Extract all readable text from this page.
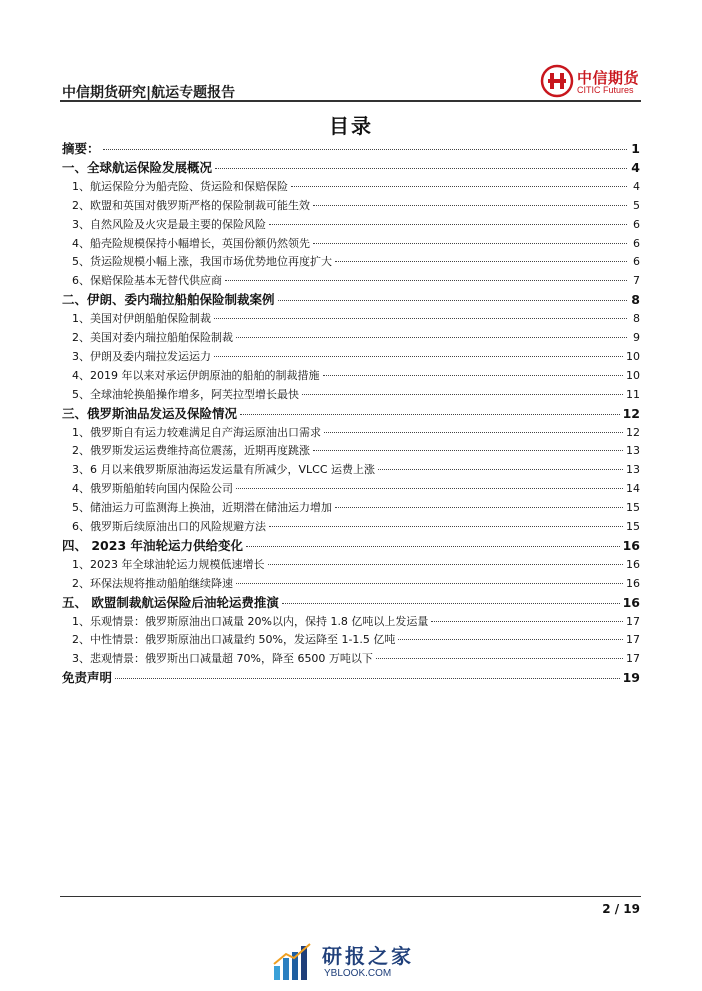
中信期货研究|航运专题报告
中信期货
CITIC Futures
目录
摘要：	1
一、全球航运保险发展概况	4
1、航运保险分为船壳险、货运险和保赔保险	4
2、欧盟和英国对俄罗斯严格的保险制裁可能生效	5
3、自然风险及火灾是最主要的保险风险	6
4、船壳险规模保持小幅增长，英国份额仍然领先	6
5、货运险规模小幅上涨，我国市场优势地位再度扩大	6
6、保赔保险基本无替代供应商	7
二、伊朗、委内瑞拉船舶保险制裁案例	8
1、美国对伊朗船舶保险制裁	8
2、美国对委内瑞拉船舶保险制裁	9
3、伊朗及委内瑞拉发运运力	10
4、2019 年以来对承运伊朗原油的船舶的制裁措施	10
5、全球油轮换船操作增多，阿芙拉型增长最快	11
三、俄罗斯油品发运及保险情况	12
1、俄罗斯自有运力较难满足自产海运原油出口需求	12
2、俄罗斯发运运费维持高位震荡，近期再度跳涨	13
3、6 月以来俄罗斯原油海运发运量有所减少，VLCC 运费上涨	13
4、俄罗斯船舶转向国内保险公司	14
5、储油运力可监测海上换油，近期潜在储油运力增加	15
6、俄罗斯后续原油出口的风险规避方法	15
四、 2023 年油轮运力供给变化	16
1、2023 年全球油轮运力规模低速增长	16
2、环保法规将推动船舶继续降速	16
五、 欧盟制裁航运保险后油轮运费推演	16
1、乐观情景：俄罗斯原油出口减量 20%以内，保持 1.8 亿吨以上发运量	17
2、中性情景：俄罗斯原油出口减量约 50%，发运降至 1-1.5 亿吨	17
3、悲观情景：俄罗斯出口减量超 70%，降至 6500 万吨以下	17
免责声明	19
2 / 19
研报之家
YBLOOK.COM
